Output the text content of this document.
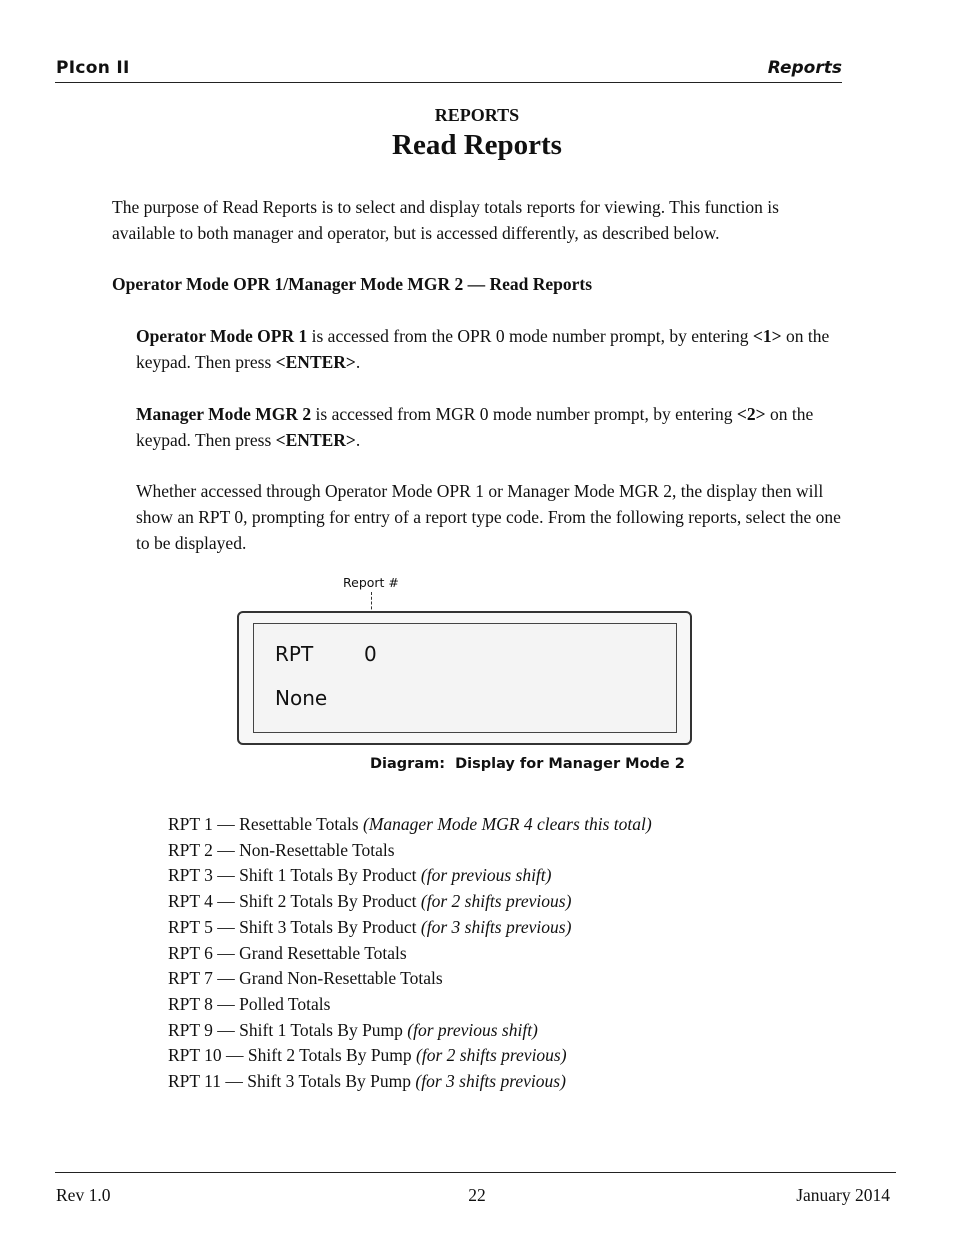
PIcon II	Reports
REPORTS
Read Reports

The purpose of Read Reports is to select and display totals reports for viewing. This function is available to both manager and operator, but is accessed differently, as described below.

Operator Mode OPR 1/Manager Mode MGR 2 — Read Reports

Operator Mode OPR 1 is accessed from the OPR 0 mode number prompt, by entering <1> on the keypad. Then press <ENTER>.

Manager Mode MGR 2 is accessed from MGR 0 mode number prompt, by entering <2> on the keypad. Then press <ENTER>.

Whether accessed through Operator Mode OPR 1 or Manager Mode MGR 2, the display then will show an RPT 0, prompting for entry of a report type code. From the following reports, select the one to be displayed.

Report #
RPT	0
None
Diagram:  Display for Manager Mode 2
RPT 1 — Resettable Totals (Manager Mode MGR 4 clears this total)
RPT 2 — Non-Resettable Totals
RPT 3 — Shift 1 Totals By Product (for previous shift)
RPT 4 — Shift 2 Totals By Product (for 2 shifts previous)
RPT 5 — Shift 3 Totals By Product (for 3 shifts previous)
RPT 6 — Grand Resettable Totals
RPT 7 — Grand Non-Resettable Totals
RPT 8 — Polled Totals
RPT 9 — Shift 1 Totals By Pump (for previous shift)
RPT 10 — Shift 2 Totals By Pump (for 2 shifts previous)
RPT 11 — Shift 3 Totals By Pump (for 3 shifts previous)
Rev 1.0	22	January 2014
